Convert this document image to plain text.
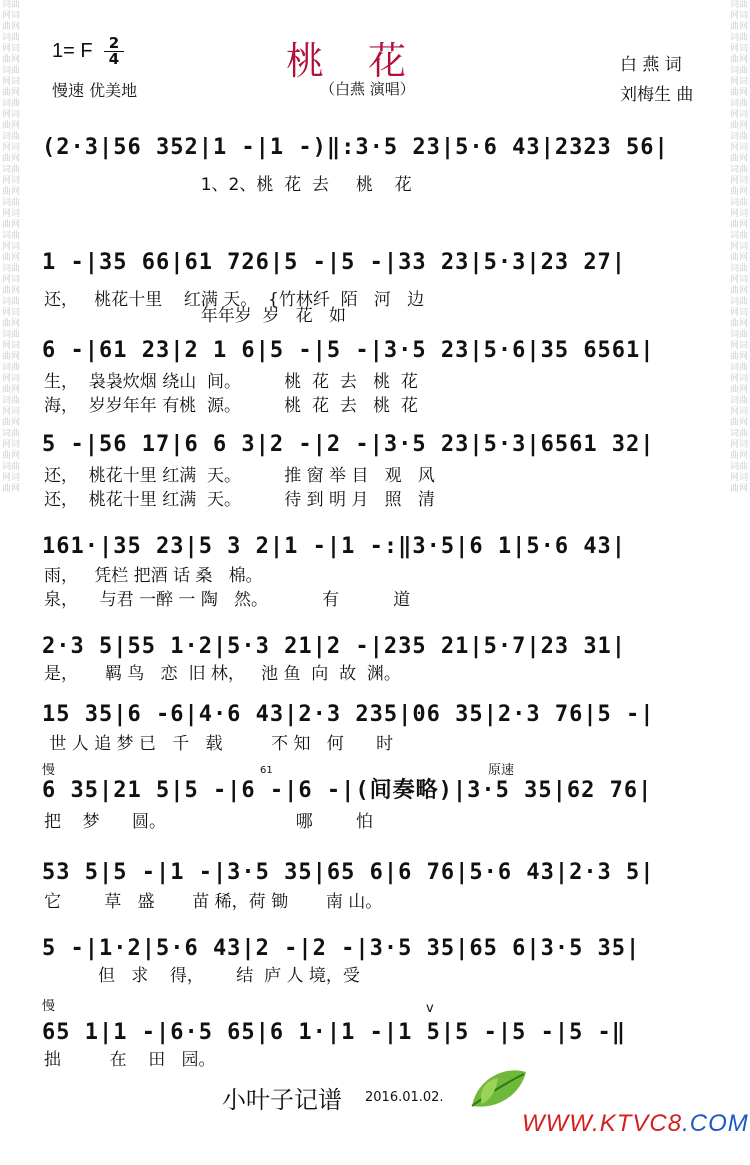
词曲网词曲网词曲网词曲网词曲网词曲网词曲网词曲网词曲网词曲网词曲网词曲网词曲网词曲网词曲网词曲网词曲网词曲网词曲网词曲网词曲网词曲网词曲网词曲网词曲网词曲网词曲网词曲网词曲网词曲网
词曲网词曲网词曲网词曲网词曲网词曲网词曲网词曲网词曲网词曲网词曲网词曲网词曲网词曲网词曲网词曲网词曲网词曲网词曲网词曲网词曲网词曲网词曲网词曲网词曲网词曲网词曲网词曲网词曲网词曲网
1= F $\frac{2}{4}$
慢速 优美地
桃花
（白燕 演唱）
白 燕 词
刘梅生 曲
(2·3|56 352|1 -|1 -)‖:3·5 23|5·6 43|2323 56|
1、2、桃  花  去     桃    花
1 -|35 66|61 726|5 -|5 -|33 23|5·3|23 27|
还，   桃花十里    红满 天。  {竹林纤  陌   河   边
年年岁  岁   花   如
6 -|61 23|2 1 6|5 -|5 -|3·5 23|5·6|35 6561|
生，  袅袅炊烟 绕山  间。        桃  花  去   桃  花
海，  岁岁年年 有桃  源。        桃  花  去   桃  花
5 -|56 17|6 6 3|2 -|2 -|3·5 23|5·3|6561 32|
还，  桃花十里 红满  天。        推 窗 举 目   观   风
还，  桃花十里 红满  天。        待 到 明 月   照   清
161·|35 23|5 3 2|1 -|1 -:‖3·5|6 1|5·6 43|
雨，   凭栏 把酒 话 桑   棉。
泉，    与君 一醉 一 陶   然。          有          道
2·3 5|55 1·2|5·3 21|2 -|235 21|5·7|23 31|
是，     羁 鸟   恋  旧 林，   池 鱼  向  故  渊。
15 35|6 -6|4·6 43|2·3 235|06 35|2·3 76|5 -|
世 人 追 梦 已   千   载         不 知   何      时
慢	原速
61
6 35|21 5|5 -|6 -|6 -|(间奏略)|3·5 35|62 76|
把    梦      圆。                        哪        怕
53 5|5 -|1 -|3·5 35|65 6|6 76|5·6 43|2·3 5|
它        草   盛       苗 稀，荷 锄       南 山。
5 -|1·2|5·6 43|2 -|2 -|3·5 35|65 6|3·5 35|
但   求    得，      结  庐 人 境，受
慢	v
65 1|1 -|6·5 65|6 1·|1 -|1 5|5 -|5 -|5 -‖
拙         在    田   园。
小叶子记谱 2016.01.02.
WWW.KTVC8.COM
